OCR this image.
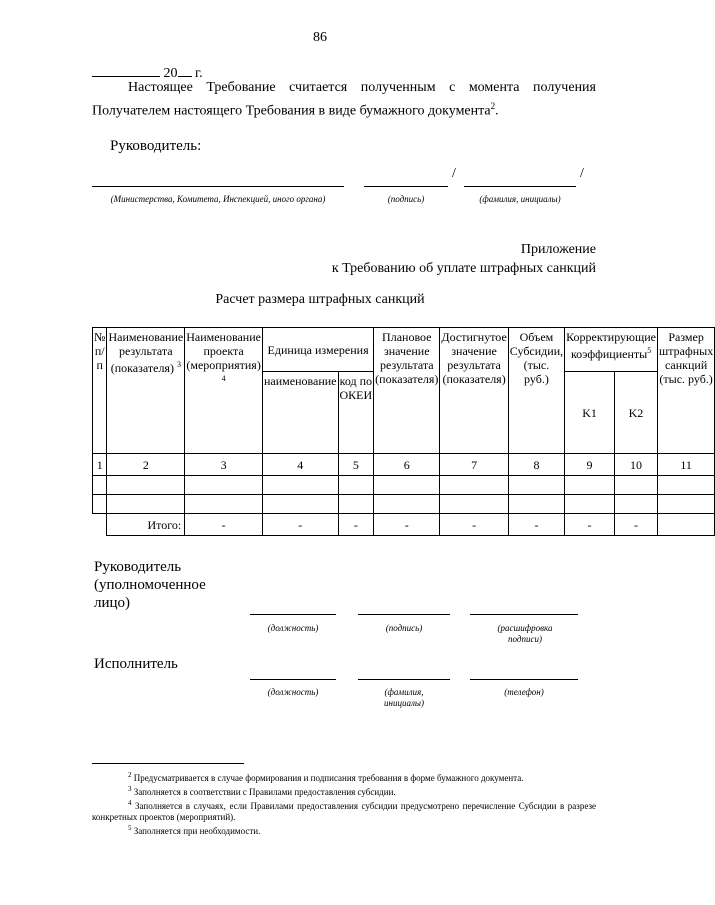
86
20 г.
Настоящее Требование считается полученным с момента получения Получателем настоящего Требования в виде бумажного документа$^2$.
Руководитель:
/	/
(Министерства, Комитета, Инспекцией, иного органа)	(подпись)	(фамилия, инициалы)
Приложение
к Требованию об уплате штрафных санкций
Расчет размера штрафных санкций
№ п/п	Наименование результата (показателя) $^3$	Наименование проекта (мероприятия) $^4$	Единица измерения		Плановое значение результата (показателя)	Достигнутое значение результата (показателя)	Объем Субсидии, (тыс. руб.)	Корректирующие коэффициенты$^5$		Размер штрафных санкций (тыс. руб.)
			наименование	код по ОКЕИ				K1	K2	
1	2	3	4	5	6	7	8	9	10	11

	Итого:	-	-	-	-	-	-	-	-	
Руководитель (уполномоченное лицо)
(должность)	(подпись)	(расшифровка подписи)
Исполнитель
(должность)	(фамилия, инициалы)
(телефон)

$^2$ Предусматривается в случае формирования и подписания требования в форме бумажного документа.

$^3$ Заполняется в соответствии с Правилами предоставления субсидии.

$^4$ Заполняется в случаях, если Правилами предоставления субсидии предусмотрено перечисление Субсидии в разрезе конкретных проектов (мероприятий).

$^5$ Заполняется при необходимости.
